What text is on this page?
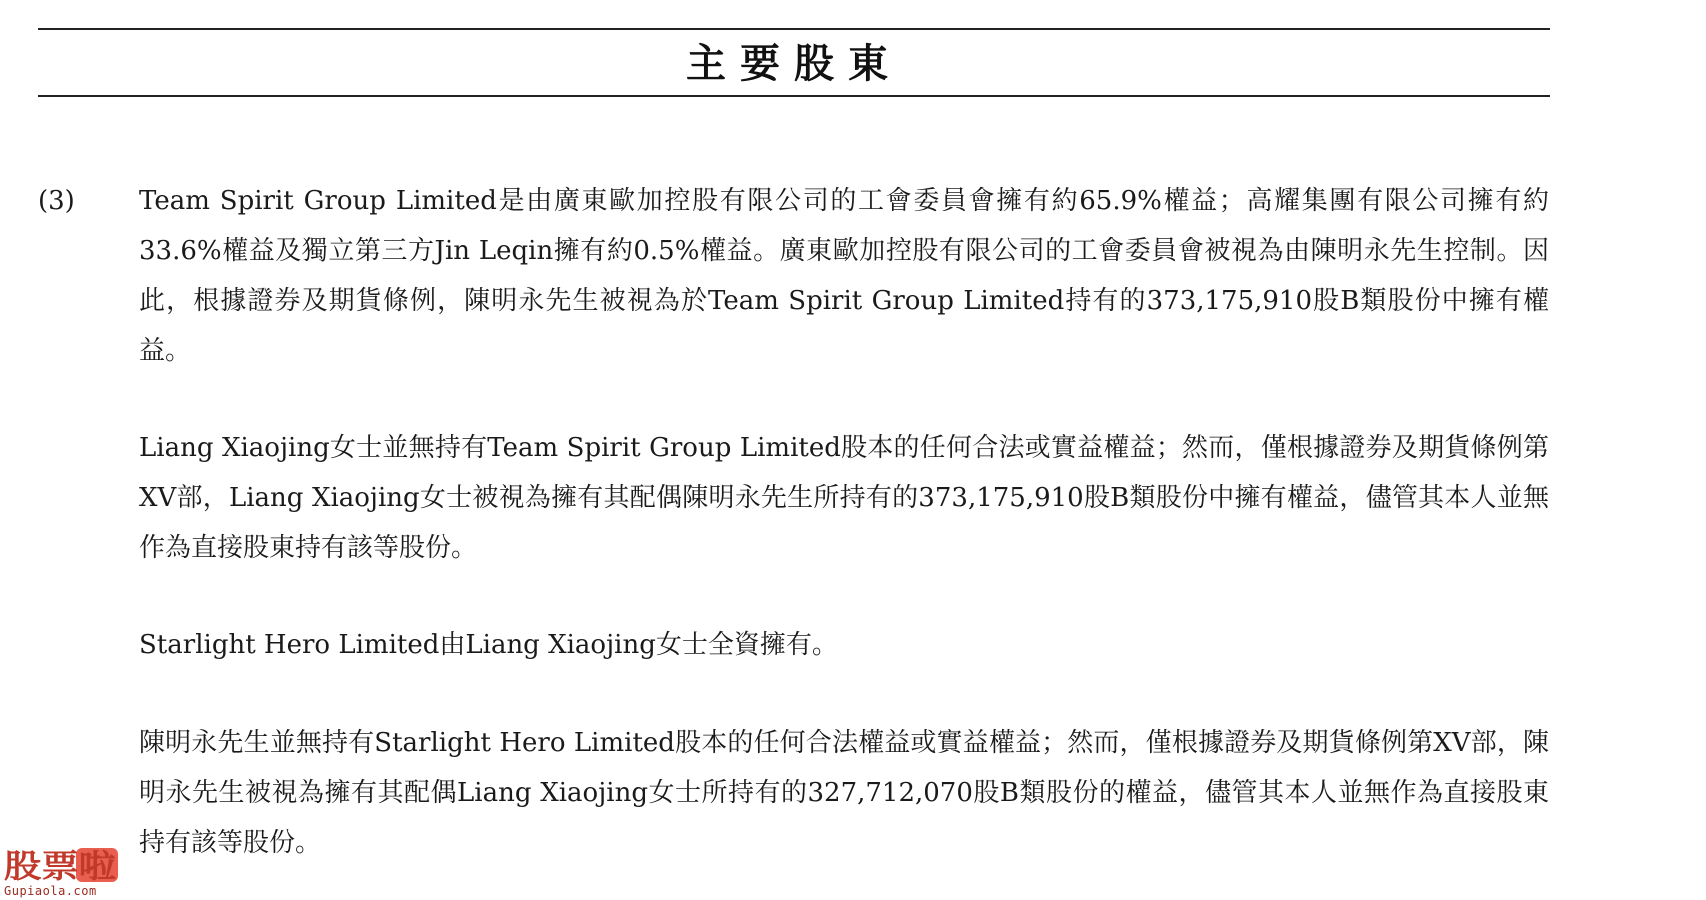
主要股東
(3) Team Spirit Group Limited是由廣東歐加控股有限公司的工會委員會擁有約65.9%權益；高耀集團有限公司擁有約33.6%權益及獨立第三方Jin Leqin擁有約0.5%權益。廣東歐加控股有限公司的工會委員會被視為由陳明永先生控制。因此，根據證券及期貨條例，陳明永先生被視為於Team Spirit Group Limited持有的373,175,910股B類股份中擁有權益。

Liang Xiaojing女士並無持有Team Spirit Group Limited股本的任何合法或實益權益；然而，僅根據證券及期貨條例第XV部，Liang Xiaojing女士被視為擁有其配偶陳明永先生所持有的373,175,910股B類股份中擁有權益，儘管其本人並無作為直接股東持有該等股份。

Starlight Hero Limited由Liang Xiaojing女士全資擁有。

陳明永先生並無持有Starlight Hero Limited股本的任何合法權益或實益權益；然而，僅根據證券及期貨條例第XV部，陳明永先生被視為擁有其配偶Liang Xiaojing女士所持有的327,712,070股B類股份的權益，儘管其本人並無作為直接股東持有該等股份。

股票啦
Gupiaola.com
